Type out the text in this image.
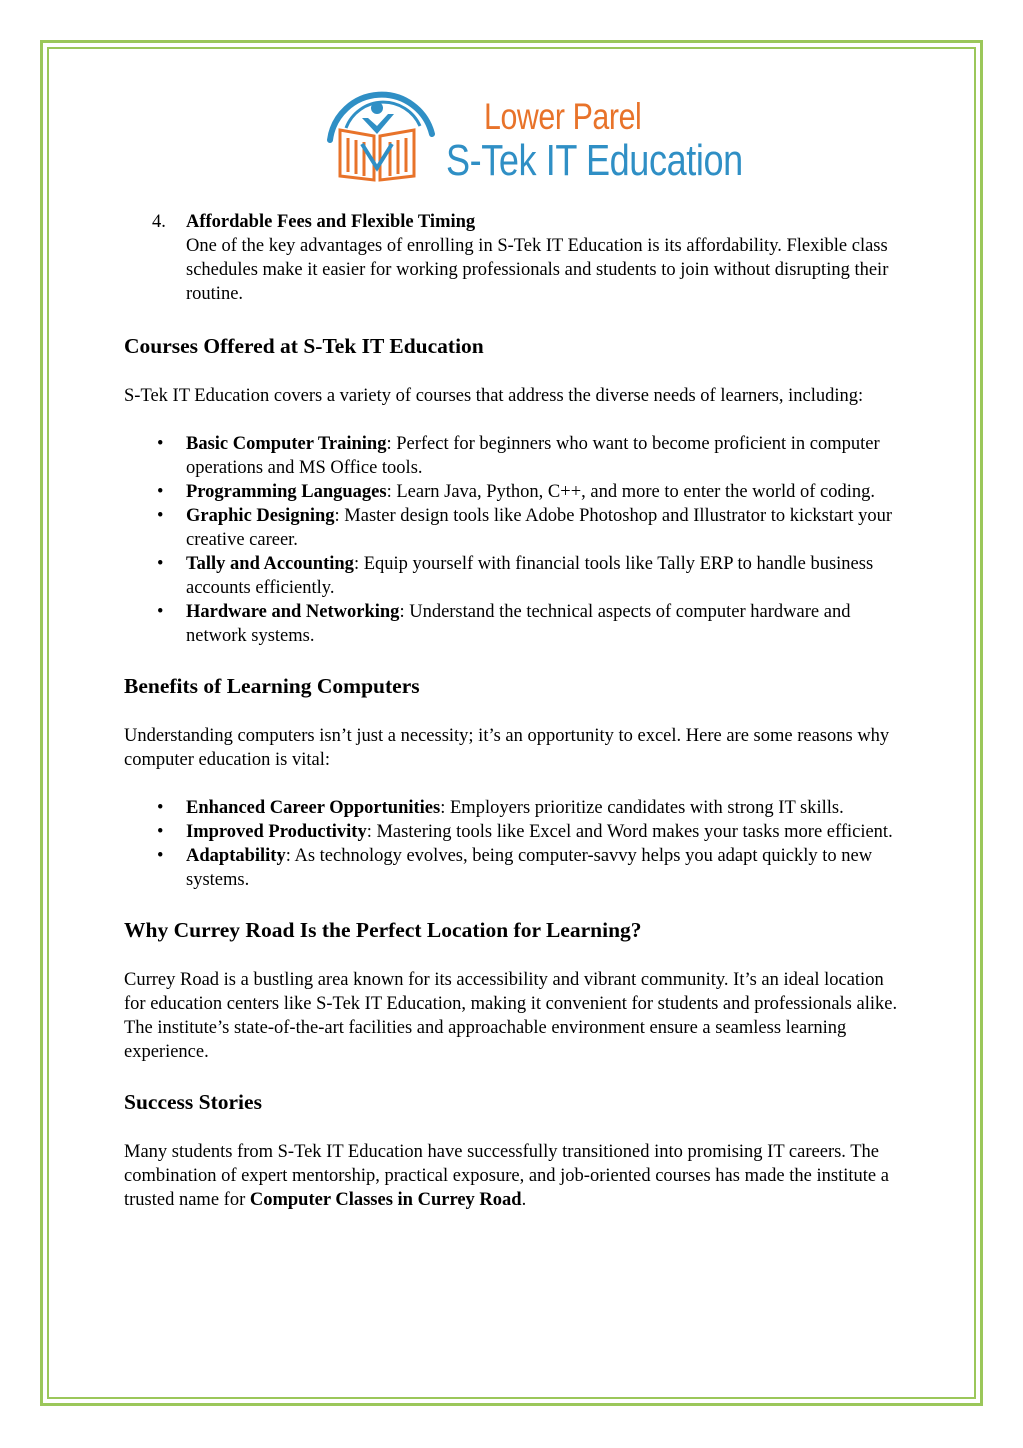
Lower Parel
S-Tek IT Education
4. Affordable Fees and Flexible Timing
One of the key advantages of enrolling in S-Tek IT Education is its affordability. Flexible class schedules make it easier for working professionals and students to join without disrupting their routine.
Courses Offered at S-Tek IT Education

S-Tek IT Education covers a variety of courses that address the diverse needs of learners, including:

• Basic Computer Training: Perfect for beginners who want to become proficient in computer operations and MS Office tools.
• Programming Languages: Learn Java, Python, C++, and more to enter the world of coding.
• Graphic Designing: Master design tools like Adobe Photoshop and Illustrator to kickstart your creative career.
• Tally and Accounting: Equip yourself with financial tools like Tally ERP to handle business accounts efficiently.
• Hardware and Networking: Understand the technical aspects of computer hardware and network systems.
Benefits of Learning Computers

Understanding computers isn’t just a necessity; it’s an opportunity to excel. Here are some reasons why computer education is vital:

• Enhanced Career Opportunities: Employers prioritize candidates with strong IT skills.
• Improved Productivity: Mastering tools like Excel and Word makes your tasks more efficient.
• Adaptability: As technology evolves, being computer-savvy helps you adapt quickly to new systems.
Why Currey Road Is the Perfect Location for Learning?

Currey Road is a bustling area known for its accessibility and vibrant community. It’s an ideal location for education centers like S-Tek IT Education, making it convenient for students and professionals alike. The institute’s state-of-the-art facilities and approachable environment ensure a seamless learning experience.

Success Stories

Many students from S-Tek IT Education have successfully transitioned into promising IT careers. The combination of expert mentorship, practical exposure, and job-oriented courses has made the institute a trusted name for Computer Classes in Currey Road.
